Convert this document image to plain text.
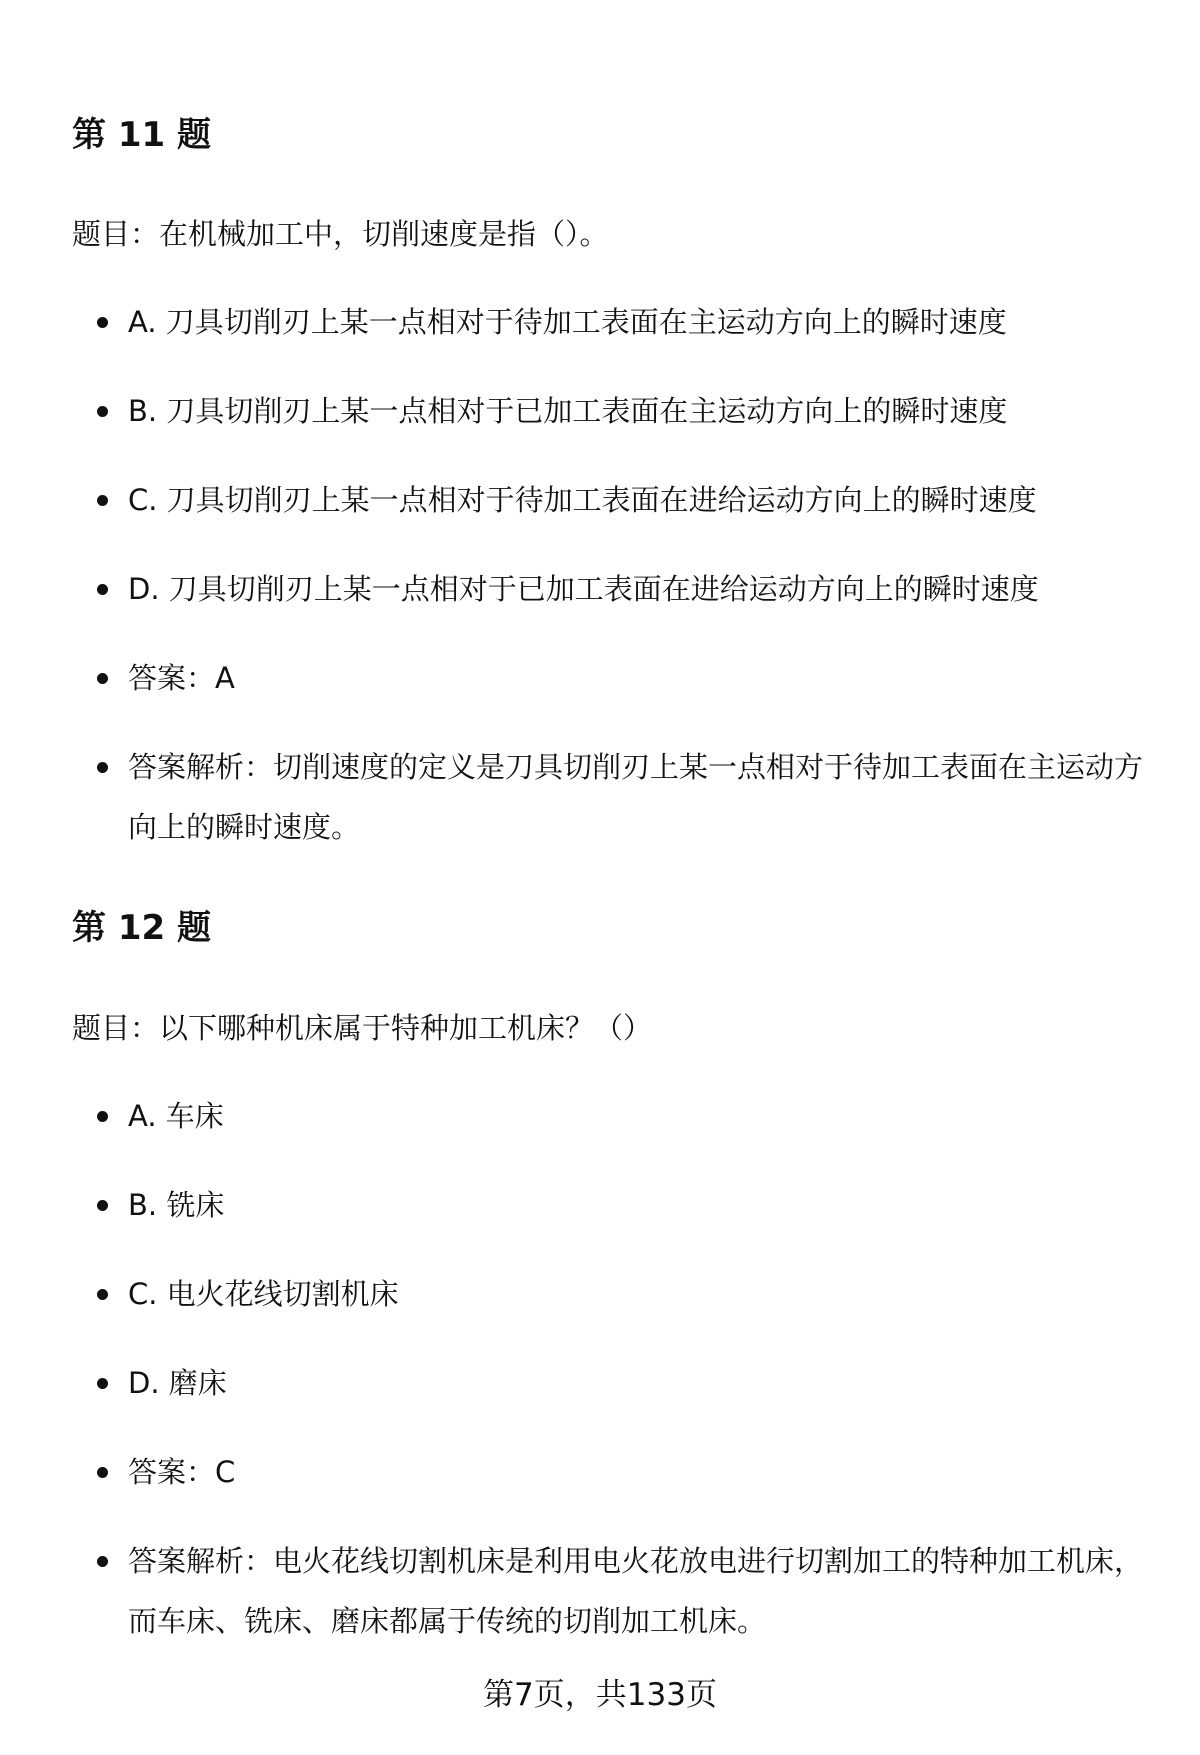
第 11 题

题目：在机械加工中，切削速度是指（）。

A. 刀具切削刃上某一点相对于待加工表面在主运动方向上的瞬时速度
B. 刀具切削刃上某一点相对于已加工表面在主运动方向上的瞬时速度
C. 刀具切削刃上某一点相对于待加工表面在进给运动方向上的瞬时速度
D. 刀具切削刃上某一点相对于已加工表面在进给运动方向上的瞬时速度
答案：A
答案解析：切削速度的定义是刀具切削刃上某一点相对于待加工表面在主运动方向上的瞬时速度。
第 12 题

题目：以下哪种机床属于特种加工机床？（）

A. 车床
B. 铣床
C. 电火花线切割机床
D. 磨床
答案：C
答案解析：电火花线切割机床是利用电火花放电进行切割加工的特种加工机床，而车床、铣床、磨床都属于传统的切削加工机床。
第7页，共133页
